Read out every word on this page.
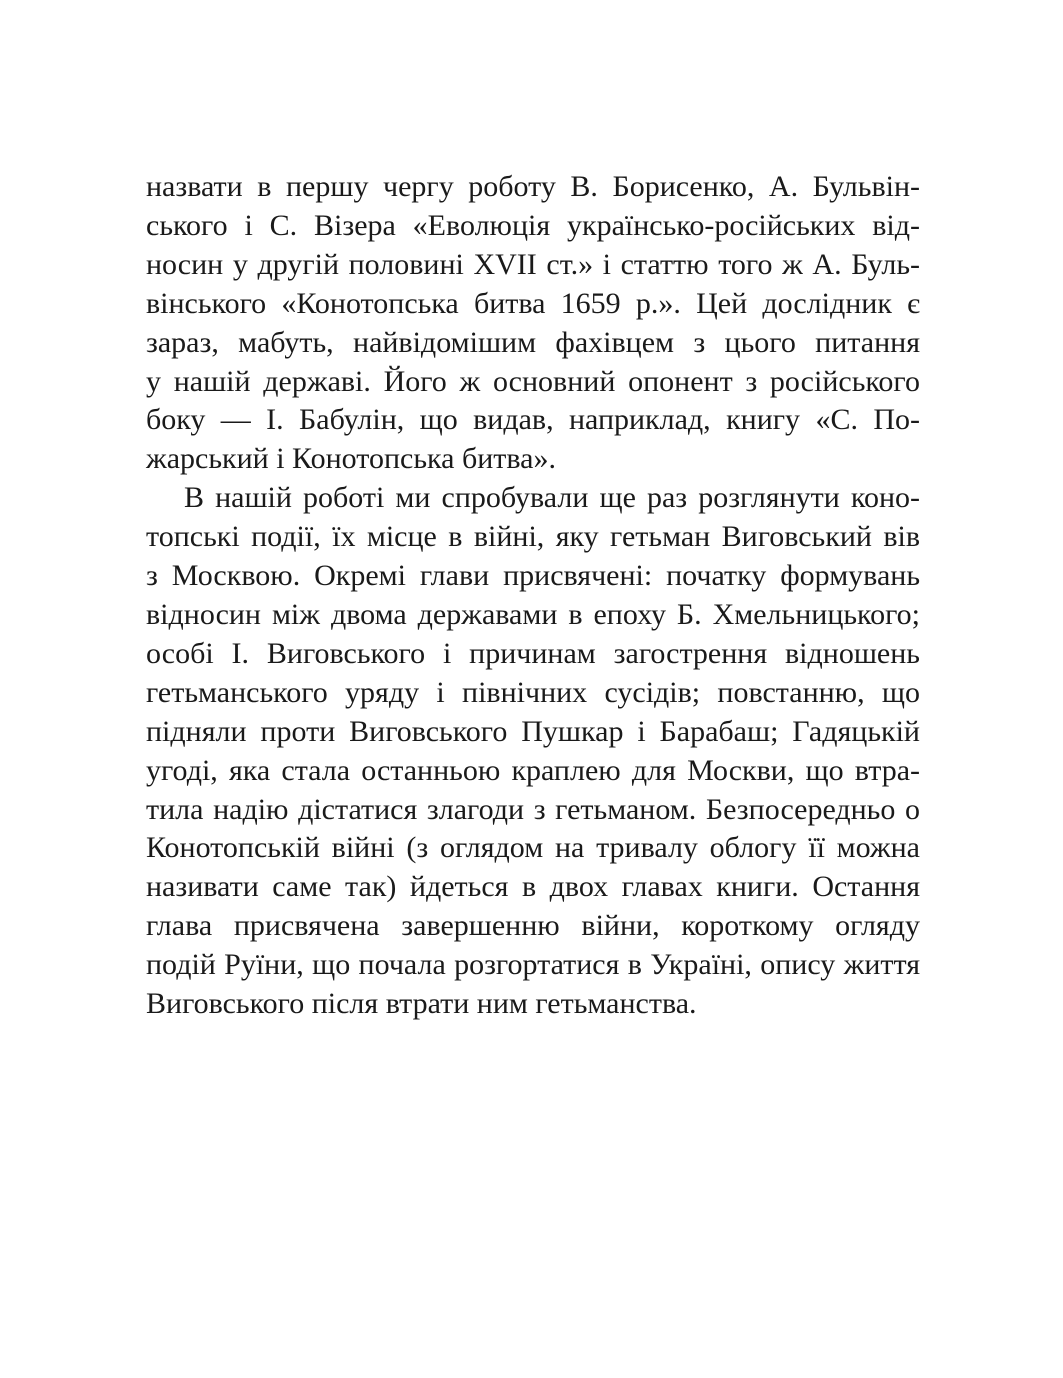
назвати в першу чергу роботу В. Борисенко, А. Бульвін-
ського і С. Візера «Еволюція українсько-російських від-
носин у другій половині XVII ст.» і статтю того ж А. Буль-
вінського «Конотопська битва 1659 р.». Цей дослідник є
зараз, мабуть, найвідомішим фахівцем з цього питання
у нашій державі. Його ж основний опонент з російського
боку — І. Бабулін, що видав, наприклад, книгу «С. По-
жарський і Конотопська битва».

В нашій роботі ми спробували ще раз розглянути коно-
топські події, їх місце в війні, яку гетьман Виговський вів
з Москвою. Окремі глави присвячені: початку формувань
відносин між двома державами в епоху Б. Хмельницького;
особі І. Виговського і причинам загострення відношень
гетьманського уряду і північних сусідів; повстанню, що
підняли проти Виговського Пушкар і Барабаш; Гадяцькій
угоді, яка стала останньою краплею для Москви, що втра-
тила надію дістатися злагоди з гетьманом. Безпосередньо о
Конотопській війні (з оглядом на тривалу облогу її можна
називати саме так) йдеться в двох главах книги. Остання
глава присвячена завершенню війни, короткому огляду
подій Руїни, що почала розгортатися в Україні, опису життя
Виговського після втрати ним гетьманства.
